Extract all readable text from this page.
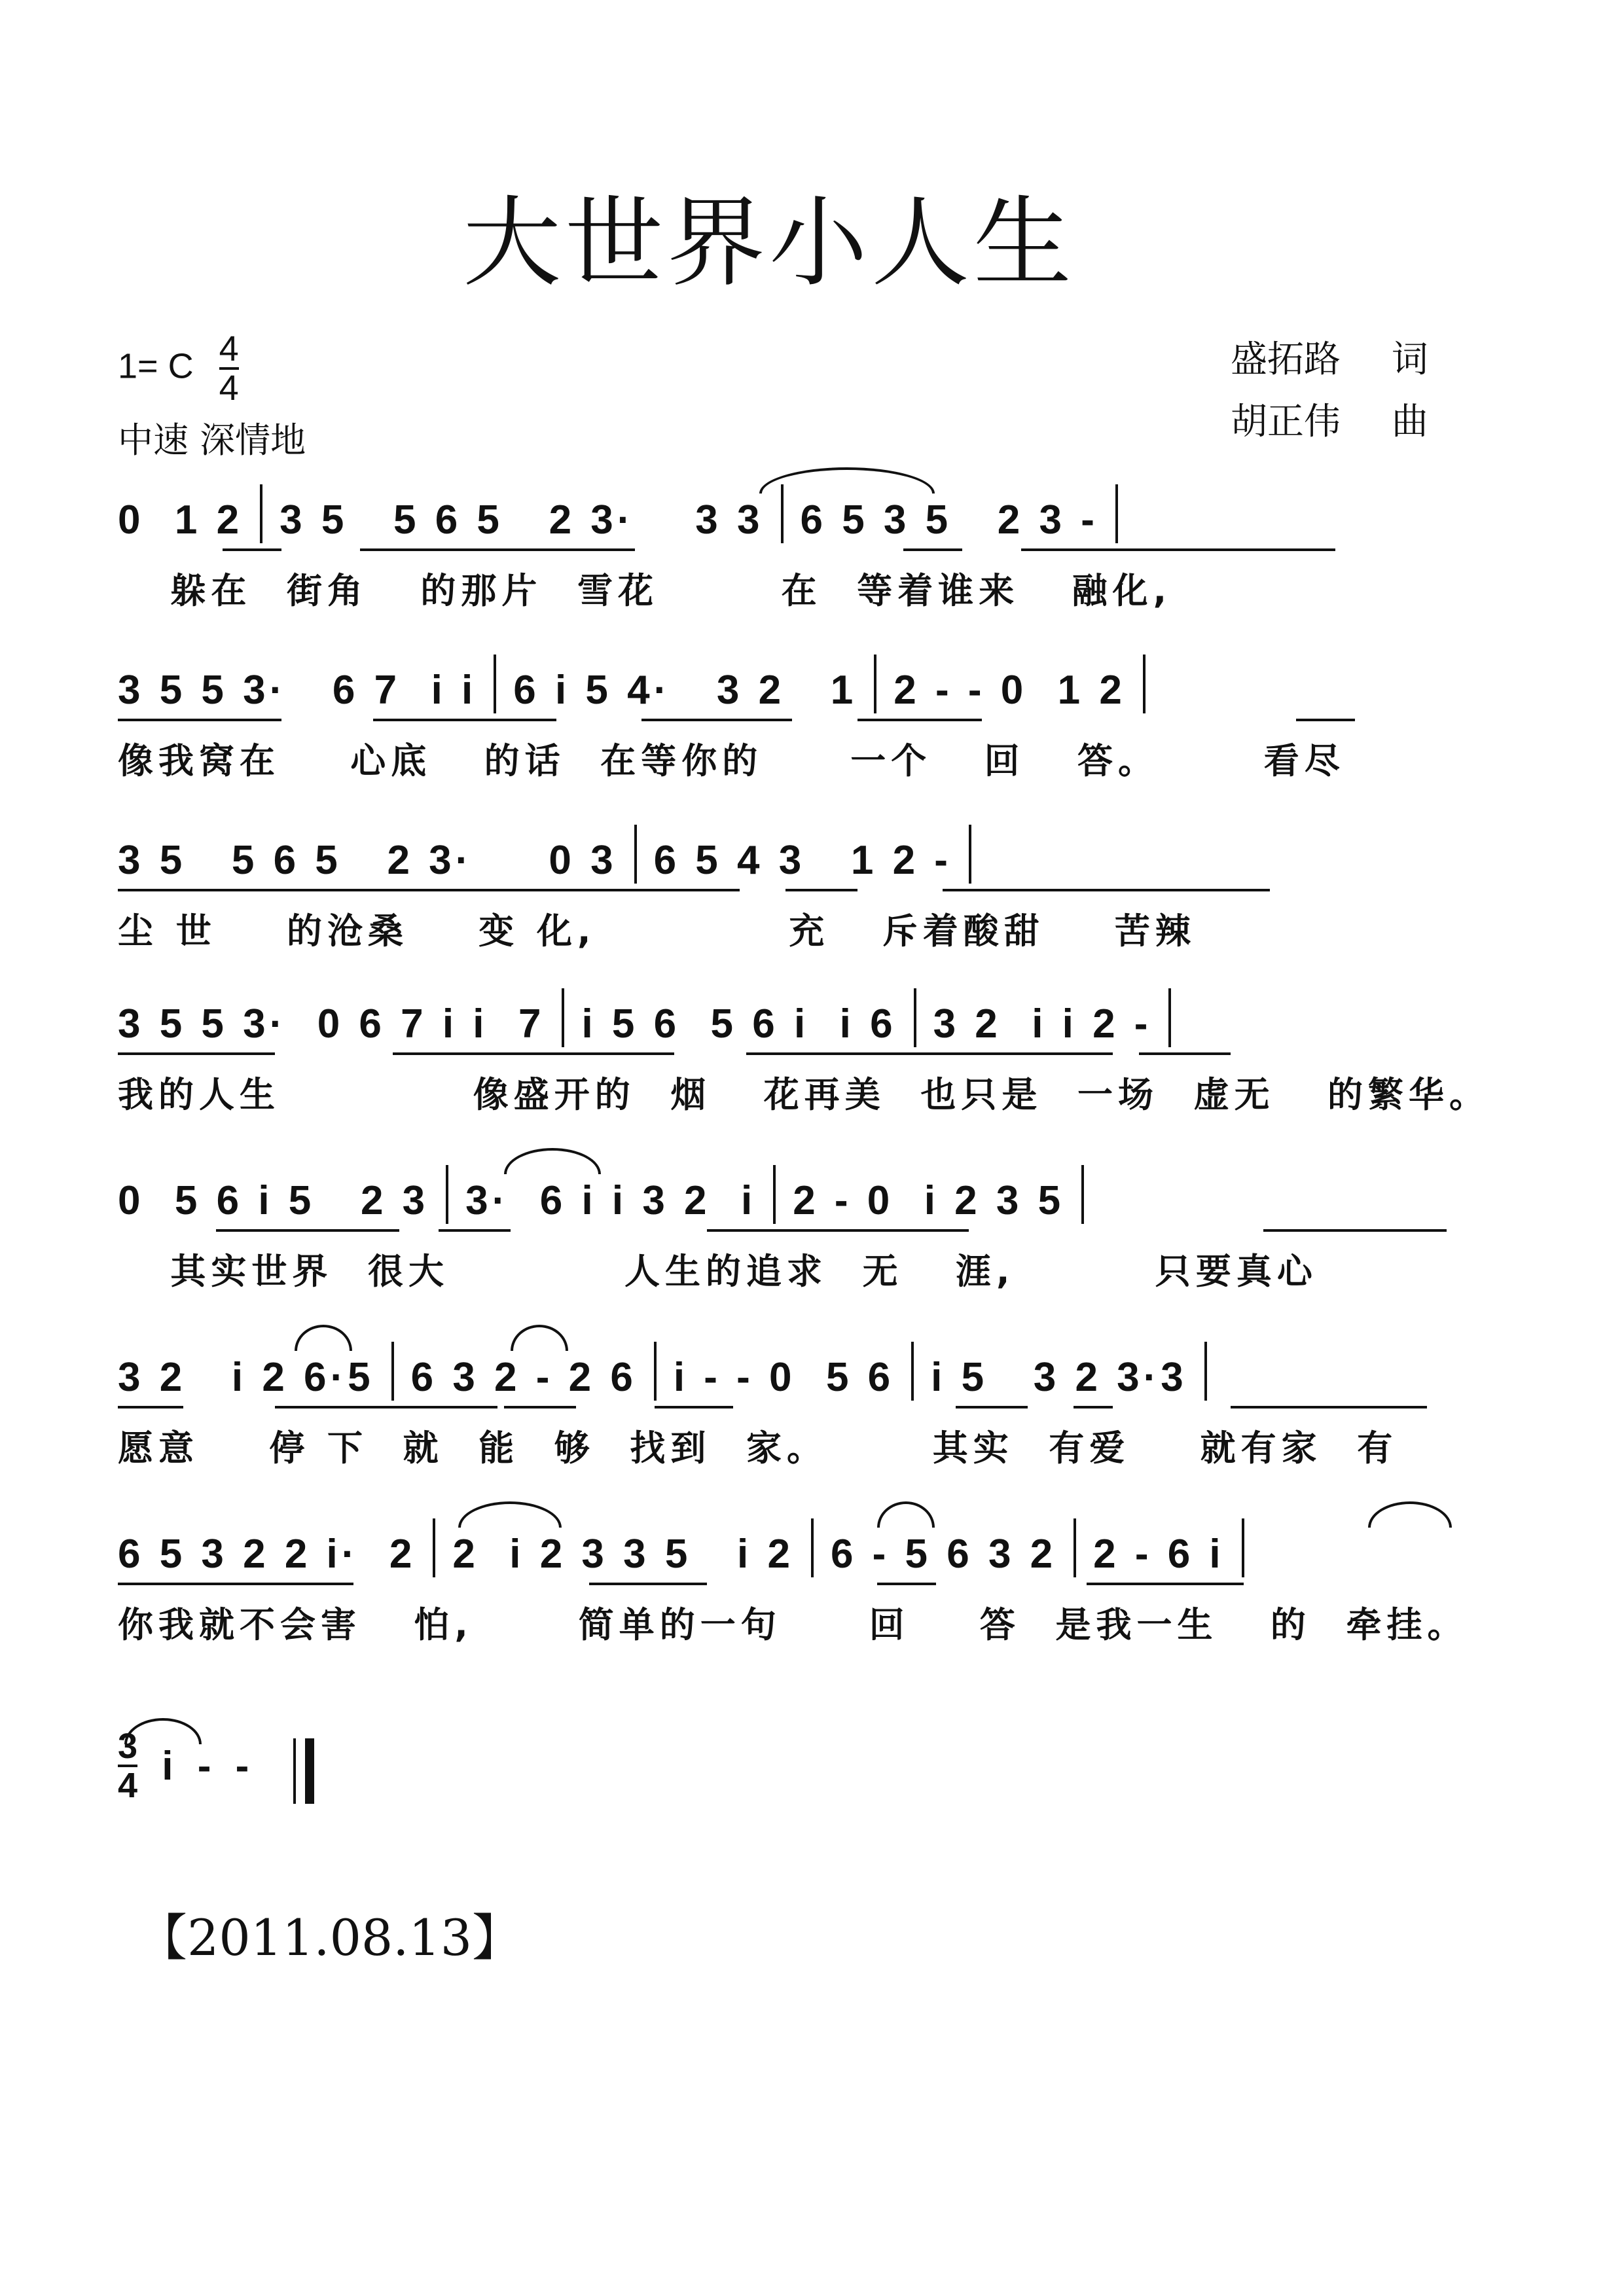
大世界小人生
1= C $\frac{4}{4}$
中速 深情地
盛拓路 词
胡正伟 曲
0  1 2 3 5   5 6 5   2 3·    3 3 6 5 3 5   2 3 -
躲在  街角   的那片  雪花       在  等着谁来   融化,
3 5 5 3·   6 7  i i 6 i 5 4·   3 2   1 2 - - 0  1 2
像我窝在    心底   的话  在等你的     一个   回   答。      看尽
3 5   5 6 5   2 3·     0 3 6 5 4 3   1 2 -
尘 世    的沧桑    变 化,           充   斥着酸甜    苦辣
3 5 5 3·  0 6 7 i i  7 i 5 6  5 6 i  i 6 3 2  i i 2 -
我的人生           像盛开的  烟   花再美  也只是  一场  虚无   的繁华。
0  5 6 i 5   2 3 3·  6 i i 3 2  i 2 - 0  i 2 3 5
其实世界  很大          人生的追求  无   涯,        只要真心
3 2   i 2 6·5 6 3 2 - 2 6 i - - 0  5 6 i 5   3 2 3·3
愿意    停 下  就  能  够  找到  家。      其实  有爱    就有家  有
6 5 3 2 2 i·  2 2  i 2 3 3 5   i 2 6 - 5 6 3 2 2 - 6 i
你我就不会害   怕,      简单的一句     回    答  是我一生   的  牵挂。
$\frac{3}{4}$ i - -
【2011.08.13】
